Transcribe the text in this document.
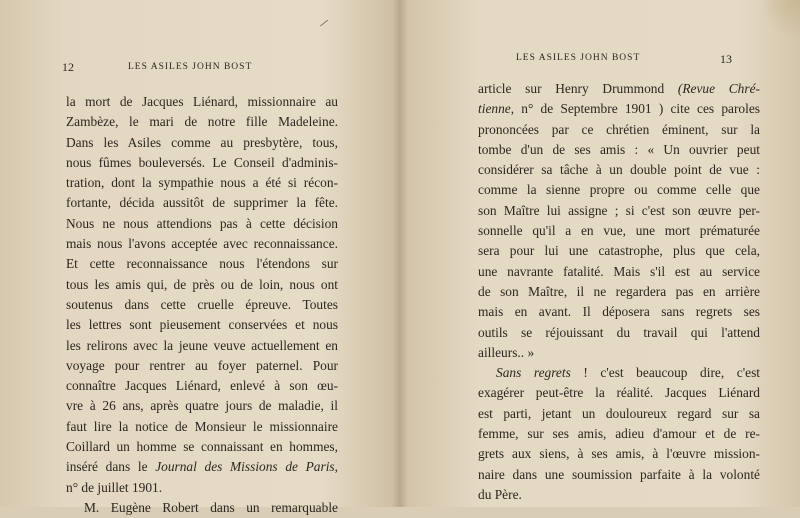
⁄
12	LES ASILES JOHN BOST
la mort de Jacques Liénard, missionnaire au
Zambèze, le mari de notre fille Madeleine.
Dans les Asiles comme au presbytère, tous,
nous fûmes bouleversés. Le Conseil d'adminis-
tration, dont la sympathie nous a été si récon-
fortante, décida aussitôt de supprimer la fête.
Nous ne nous attendions pas à cette décision
mais nous l'avons acceptée avec reconnaissance.
Et cette reconnaissance nous l'étendons sur
tous les amis qui, de près ou de loin, nous ont
soutenus dans cette cruelle épreuve. Toutes
les lettres sont pieusement conservées et nous
les relirons avec la jeune veuve actuellement en
voyage pour rentrer au foyer paternel. Pour
connaître Jacques Liénard, enlevé à son œu-
vre à 26 ans, après quatre jours de maladie, il
faut lire la notice de Monsieur le missionnaire
Coillard un homme se connaissant en hommes,
inséré dans le Journal des Missions de Paris,
n° de juillet 1901.
M. Eugène Robert dans un remarquable
LES ASILES JOHN BOST	13
article sur Henry Drummond (Revue Chré-
tienne, n° de Septembre 1901 ) cite ces paroles
prononcées par ce chrétien éminent, sur la
tombe d'un de ses amis : « Un ouvrier peut
considérer sa tâche à un double point de vue :
comme la sienne propre ou comme celle que
son Maître lui assigne ; si c'est son œuvre per-
sonnelle qu'il a en vue, une mort prématurée
sera pour lui une catastrophe, plus que cela,
une navrante fatalité. Mais s'il est au service
de son Maître, il ne regardera pas en arrière
mais en avant. Il déposera sans regrets ses
outils se réjouissant du travail qui l'attend
ailleurs.. »
Sans regrets ! c'est beaucoup dire, c'est
exagérer peut-être la réalité. Jacques Liénard
est parti, jetant un douloureux regard sur sa
femme, sur ses amis, adieu d'amour et de re-
grets aux siens, à ses amis, à l'œuvre mission-
naire dans une soumission parfaite à la volonté
du Père.
